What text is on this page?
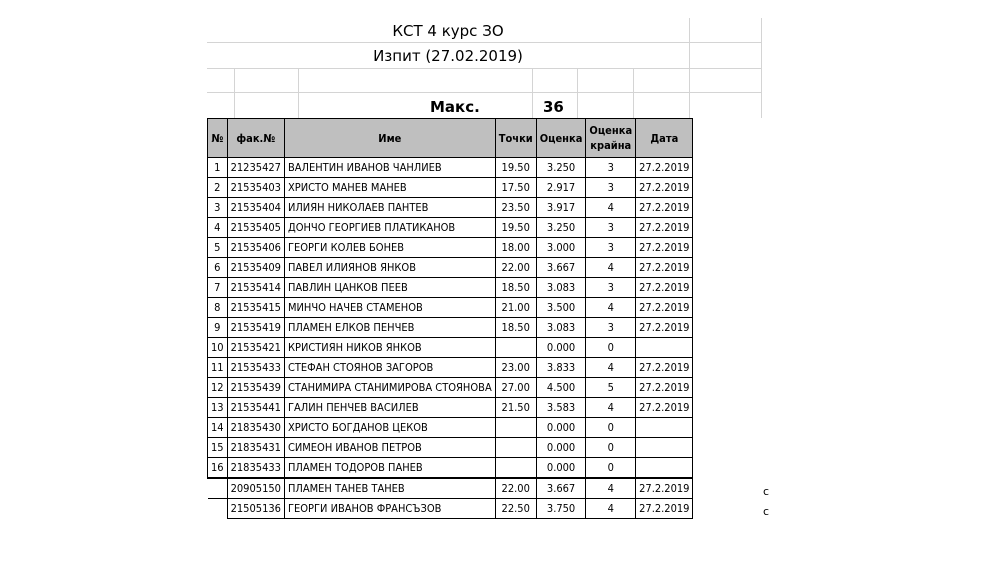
КСТ 4 курс ЗО
Изпит (27.02.2019)
Макс.	36
№	фак.№	Име	Точки	Оценка	Оценка крайна	Дата
1	21235427	ВАЛЕНТИН ИВАНОВ ЧАНЛИЕВ	19.50	3.250	3	27.2.2019
2	21535403	ХРИСТО МАНЕВ МАНЕВ	17.50	2.917	3	27.2.2019
3	21535404	ИЛИЯН НИКОЛАЕВ ПАНТЕВ	23.50	3.917	4	27.2.2019
4	21535405	ДОНЧО ГЕОРГИЕВ ПЛАТИКАНОВ	19.50	3.250	3	27.2.2019
5	21535406	ГЕОРГИ КОЛЕВ БОНЕВ	18.00	3.000	3	27.2.2019
6	21535409	ПАВЕЛ ИЛИЯНОВ ЯНКОВ	22.00	3.667	4	27.2.2019
7	21535414	ПАВЛИН ЦАНКОВ ПЕЕВ	18.50	3.083	3	27.2.2019
8	21535415	МИНЧО НАЧЕВ СТАМЕНОВ	21.00	3.500	4	27.2.2019
9	21535419	ПЛАМЕН ЕЛКОВ ПЕНЧЕВ	18.50	3.083	3	27.2.2019
10	21535421	КРИСТИЯН НИКОВ ЯНКОВ		0.000	0	
11	21535433	СТЕФАН СТОЯНОВ ЗАГОРОВ	23.00	3.833	4	27.2.2019
12	21535439	СТАНИМИРА СТАНИМИРОВА СТОЯНОВА	27.00	4.500	5	27.2.2019
13	21535441	ГАЛИН ПЕНЧЕВ ВАСИЛЕВ	21.50	3.583	4	27.2.2019
14	21835430	ХРИСТО БОГДАНОВ ЦЕКОВ		0.000	0	
15	21835431	СИМЕОН ИВАНОВ ПЕТРОВ		0.000	0	
16	21835433	ПЛАМЕН ТОДОРОВ ПАНЕВ		0.000	0	
	20905150	ПЛАМЕН ТАНЕВ ТАНЕВ	22.00	3.667	4	27.2.2019
	21505136	ГЕОРГИ ИВАНОВ ФРАНСЪЗОВ	22.50	3.750	4	27.2.2019
с
с
